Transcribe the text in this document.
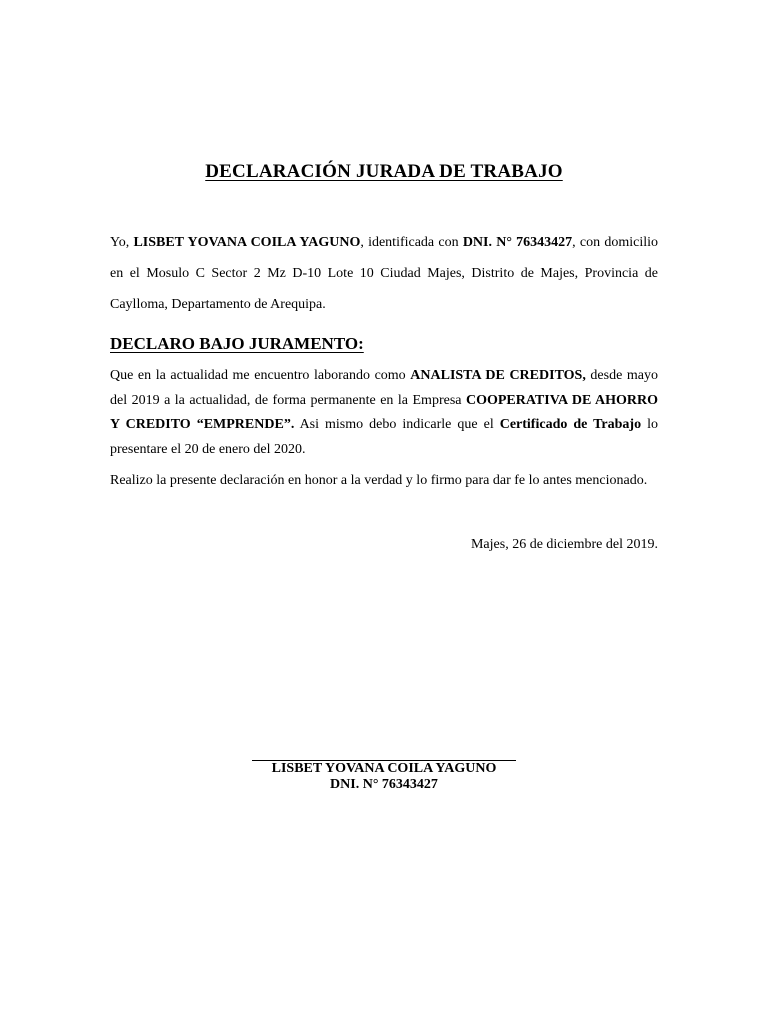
DECLARACIÓN JURADA DE TRABAJO

Yo, LISBET YOVANA COILA YAGUNO, identificada con DNI. N° 76343427, con domicilio en el Mosulo C Sector 2 Mz D-10 Lote 10 Ciudad Majes, Distrito de Majes, Provincia de Caylloma, Departamento de Arequipa.

DECLARO BAJO JURAMENTO:

Que en la actualidad me encuentro laborando como ANALISTA DE CREDITOS, desde mayo del 2019 a la actualidad, de forma permanente en la Empresa COOPERATIVA DE AHORRO Y CREDITO “EMPRENDE”. Asi mismo debo indicarle que el Certificado de Trabajo lo presentare el 20 de enero del 2020.

Realizo la presente declaración en honor a la verdad y lo firmo para dar fe lo antes mencionado.

Majes, 26 de diciembre del 2019.

LISBET YOVANA COILA YAGUNO

DNI. N° 76343427
